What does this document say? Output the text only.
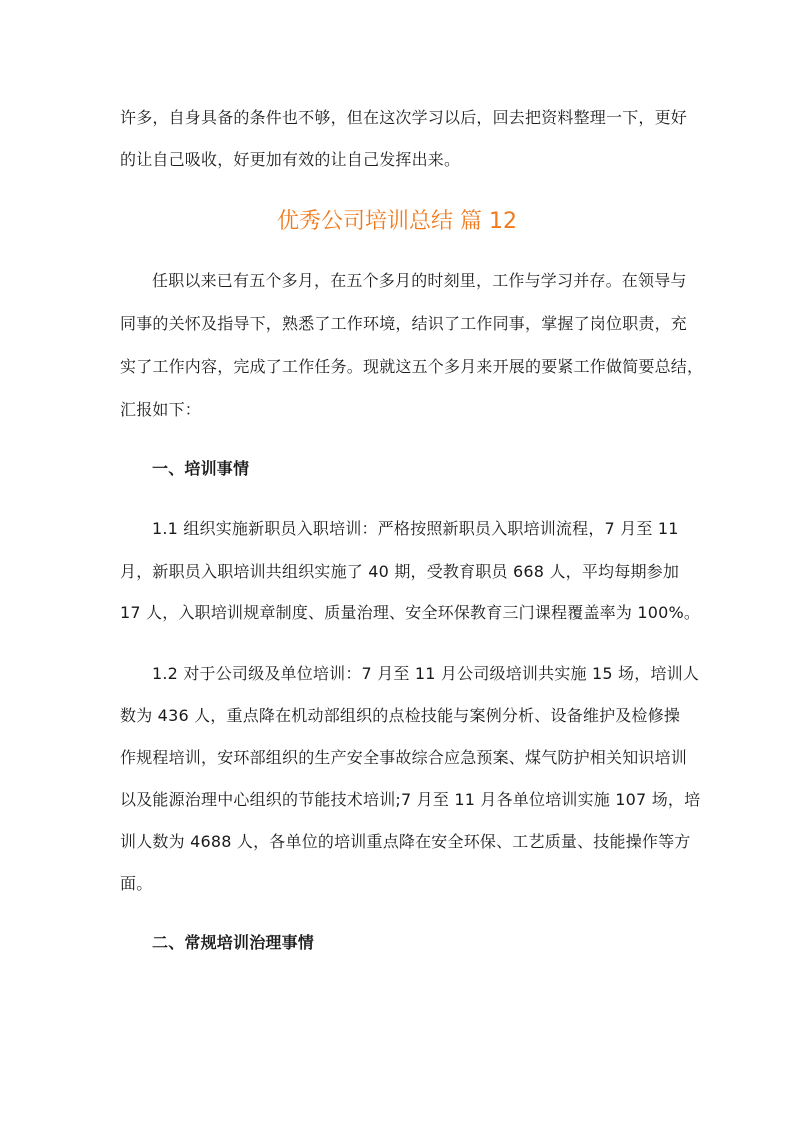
许多，自身具备的条件也不够，但在这次学习以后，回去把资料整理一下，更好
的让自己吸收，好更加有效的让自己发挥出来。
优秀公司培训总结 篇 12
任职以来已有五个多月，在五个多月的时刻里，工作与学习并存。在领导与
同事的关怀及指导下，熟悉了工作环境，结识了工作同事，掌握了岗位职责，充
实了工作内容，完成了工作任务。现就这五个多月来开展的要紧工作做简要总结，
汇报如下：
一、培训事情
1.1 组织实施新职员入职培训：严格按照新职员入职培训流程，7 月至 11
月，新职员入职培训共组织实施了 40 期，受教育职员 668 人，平均每期参加
17 人，入职培训规章制度、质量治理、安全环保教育三门课程覆盖率为 100%。
1.2 对于公司级及单位培训：7 月至 11 月公司级培训共实施 15 场，培训人
数为 436 人，重点降在机动部组织的点检技能与案例分析、设备维护及检修操
作规程培训，安环部组织的生产安全事故综合应急预案、煤气防护相关知识培训
以及能源治理中心组织的节能技术培训;7 月至 11 月各单位培训实施 107 场，培
训人数为 4688 人，各单位的培训重点降在安全环保、工艺质量、技能操作等方
面。
二、常规培训治理事情
